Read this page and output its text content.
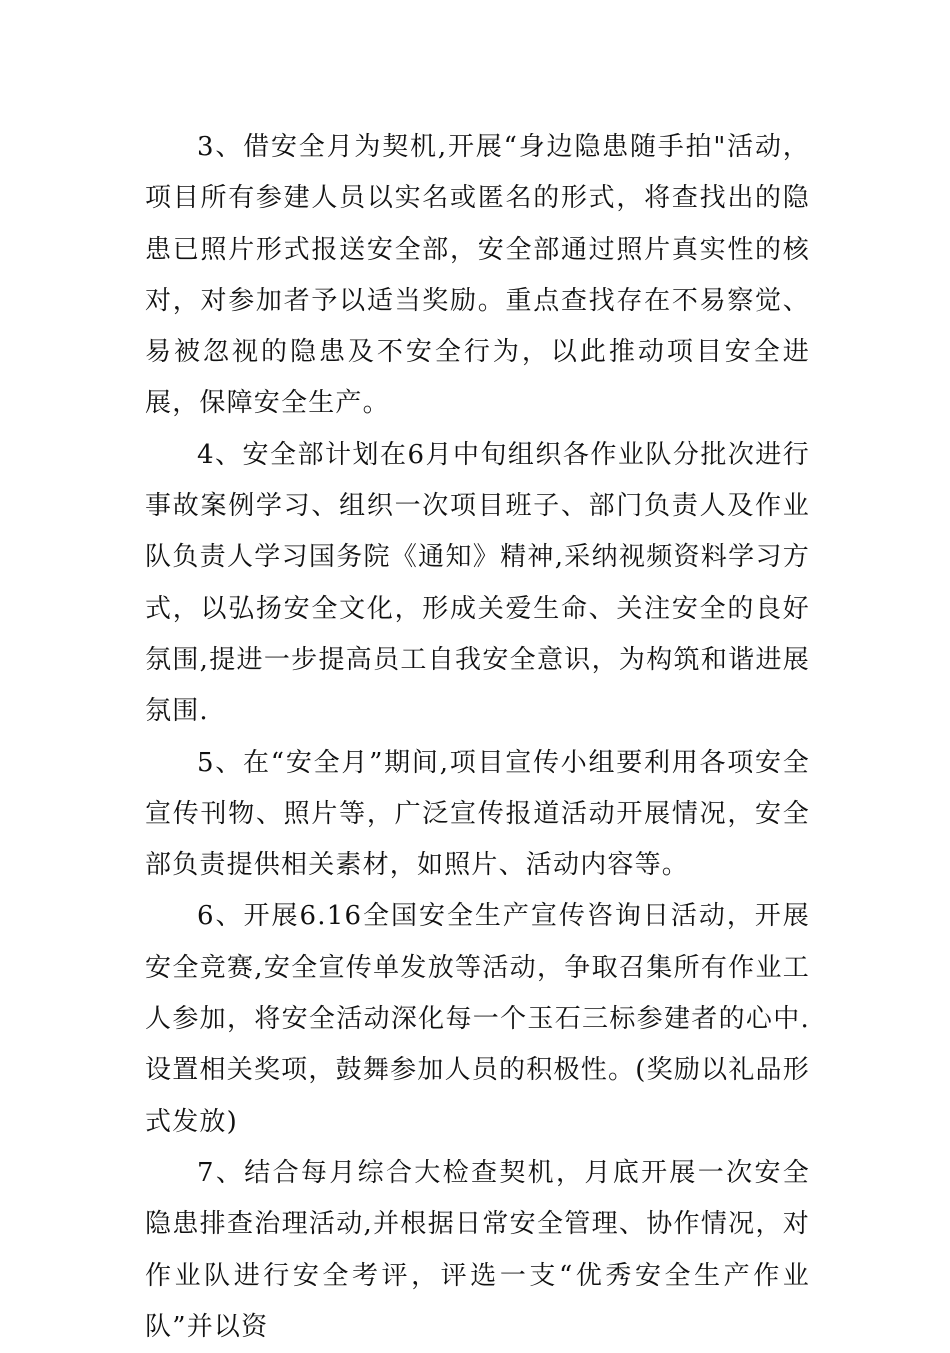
3、借安全月为契机,开展“身边隐患随手拍"活动，项目所有参建人员以实名或匿名的形式，将查找出的隐患已照片形式报送安全部，安全部通过照片真实性的核对，对参加者予以适当奖励。重点查找存在不易察觉、易被忽视的隐患及不安全行为，以此推动项目安全进展，保障安全生产。

4、安全部计划在6月中旬组织各作业队分批次进行事故案例学习、组织一次项目班子、部门负责人及作业队负责人学习国务院《通知》精神,采纳视频资料学习方式，以弘扬安全文化，形成关爱生命、关注安全的良好氛围,提进一步提高员工自我安全意识，为构筑和谐进展氛围.

5、在“安全月”期间,项目宣传小组要利用各项安全宣传刊物、照片等，广泛宣传报道活动开展情况，安全部负责提供相关素材，如照片、活动内容等。

6、开展6.16全国安全生产宣传咨询日活动，开展安全竞赛,安全宣传单发放等活动，争取召集所有作业工人参加，将安全活动深化每一个玉石三标参建者的心中.设置相关奖项，鼓舞参加人员的积极性。(奖励以礼品形式发放)

7、结合每月综合大检查契机，月底开展一次安全隐患排查治理活动,并根据日常安全管理、协作情况，对作业队进行安全考评，评选一支“优秀安全生产作业队”并以资
